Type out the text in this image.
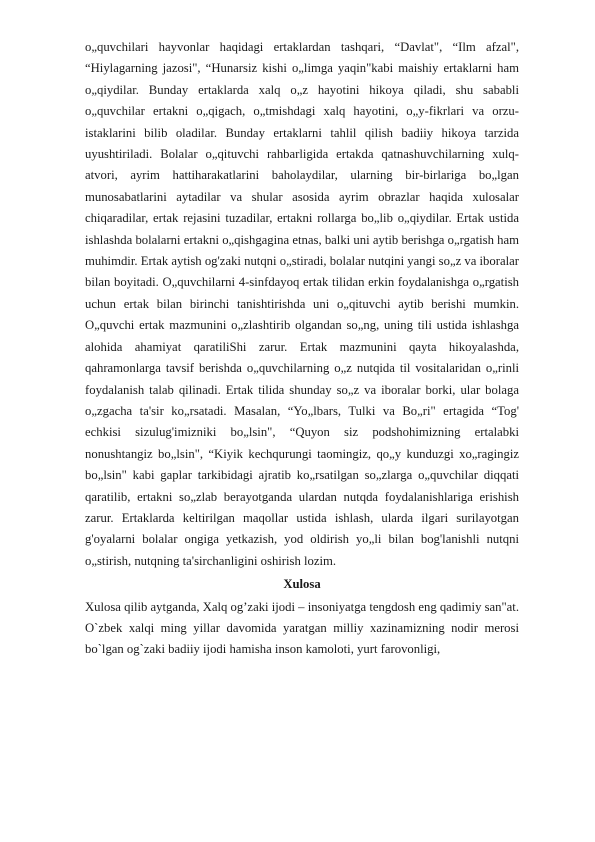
o„quvchilari hayvonlar haqidagi ertaklardan tashqari, “Davlat", “Ilm afzal", “Hiylagarning jazosi", “Hunarsiz kishi o„limga yaqin"kabi maishiy ertaklarni ham o„qiydilar. Bunday ertaklarda xalq o„z hayotini hikoya qiladi, shu sababli o„quvchilar ertakni o„qigach, o„tmishdagi xalq hayotini, o„y-fikrlari va orzu-istaklarini bilib oladilar. Bunday ertaklarni tahlil qilish badiiy hikoya tarzida uyushtiriladi. Bolalar o„qituvchi rahbarligida ertakda qatnashuvchilarning xulq-atvori, ayrim hattiharakatlarini baholaydilar, ularning bir-birlariga bo„lgan munosabatlarini aytadilar va shular asosida ayrim obrazlar haqida xulosalar chiqaradilar, ertak rejasini tuzadilar, ertakni rollarga bo„lib o„qiydilar. Ertak ustida ishlashda bolalarni ertakni o„qishgagina etnas, balki uni aytib berishga o„rgatish ham muhimdir. Ertak aytish og'zaki nutqni o„stiradi, bolalar nutqini yangi so„z va iboralar bilan boyitadi. O„quvchilarni 4-sinfdayoq ertak tilidan erkin foydalanishga o„rgatish uchun ertak bilan birinchi tanishtirishda uni o„qituvchi aytib berishi mumkin. O„quvchi ertak mazmunini o„zlashtirib olgandan so„ng, uning tili ustida ishlashga alohida ahamiyat qaratiliShi zarur. Ertak mazmunini qayta hikoyalashda, qahramonlarga tavsif berishda o„quvchilarning o„z nutqida til vositalaridan o„rinli foydalanish talab qilinadi. Ertak tilida shunday so„z va iboralar borki, ular bolaga o„zgacha ta'sir ko„rsatadi. Masalan, “Yo„lbars, Tulki va Bo„ri" ertagida “Tog' echkisi sizulug'imizniki bo„lsin", “Quyon siz podshohimizning ertalabki nonushtangiz bo„lsin", “Kiyik kechqurungi taomingiz, qo„y kunduzgi xo„ragingiz bo„lsin" kabi gaplar tarkibidagi ajratib ko„rsatilgan so„zlarga o„quvchilar diqqati qaratilib, ertakni so„zlab berayotganda ulardan nutqda foydalanishlariga erishish zarur. Ertaklarda keltirilgan maqollar ustida ishlash, ularda ilgari surilayotgan g'oyalarni bolalar ongiga yetkazish, yod oldirish yo„li bilan bog'lanishli nutqni o„stirish, nutqning ta'sirchanligini oshirish lozim.

Xulosa

Xulosa qilib aytganda, Xalq og’zaki ijodi – insoniyatga tengdosh eng qadimiy san"at. O`zbek xalqi ming yillar davomida yaratgan milliy xazinamizning nodir merosi bo`lgan og`zaki badiiy ijodi hamisha inson kamoloti, yurt farovonligi,
